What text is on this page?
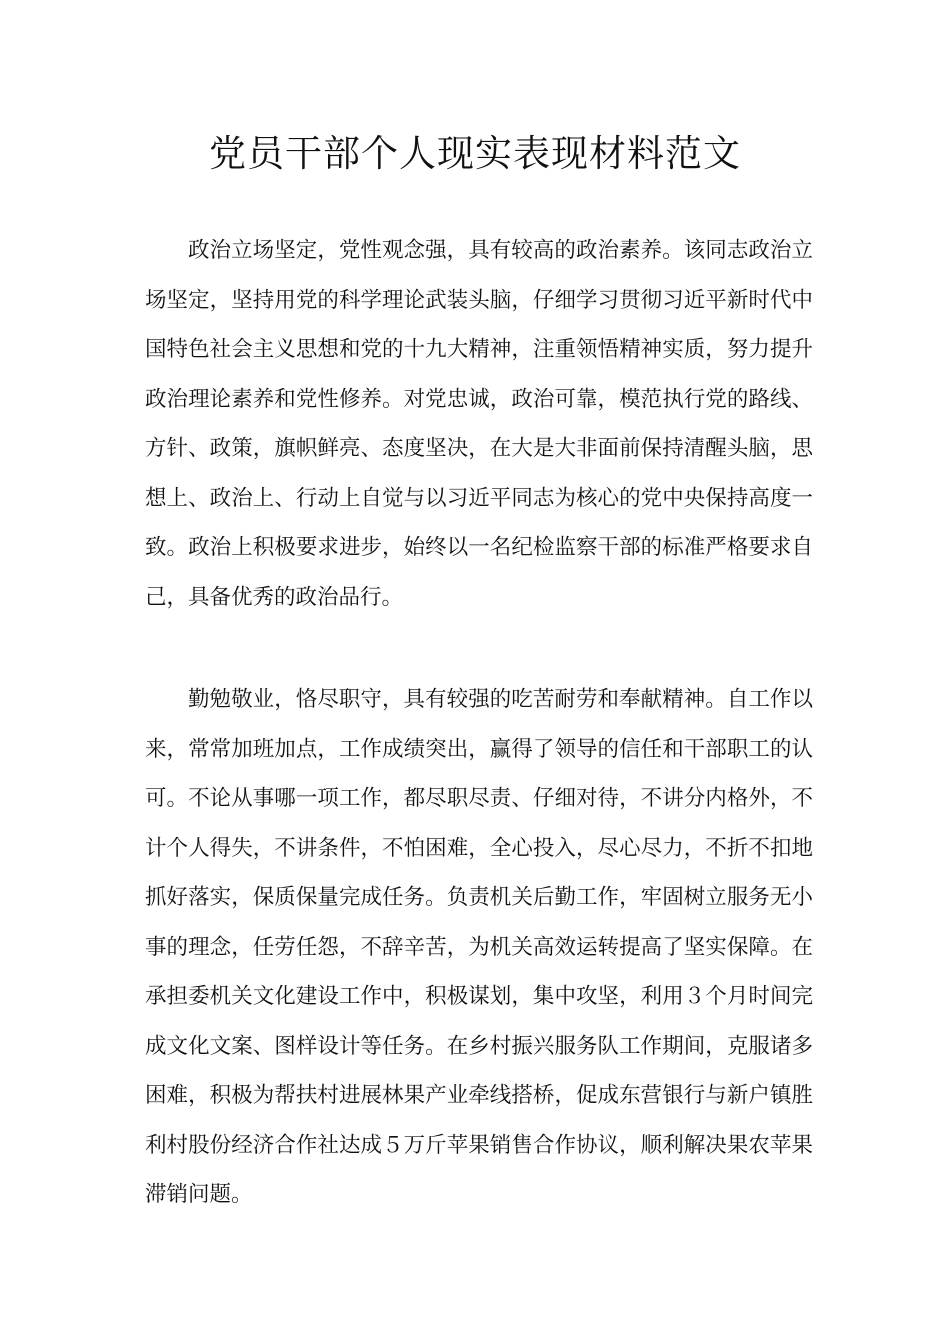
党员干部个人现实表现材料范文

政治立场坚定，党性观念强，具有较高的政治素养。该同志政治立场坚定，坚持用党的科学理论武装头脑，仔细学习贯彻习近平新时代中国特色社会主义思想和党的十九大精神，注重领悟精神实质，努力提升政治理论素养和党性修养。对党忠诚，政治可靠，模范执行党的路线、方针、政策，旗帜鲜亮、态度坚决，在大是大非面前保持清醒头脑，思想上、政治上、行动上自觉与以习近平同志为核心的党中央保持高度一致。政治上积极要求进步，始终以一名纪检监察干部的标准严格要求自己，具备优秀的政治品行。

勤勉敬业，恪尽职守，具有较强的吃苦耐劳和奉献精神。自工作以来，常常加班加点，工作成绩突出，赢得了领导的信任和干部职工的认可。不论从事哪一项工作，都尽职尽责、仔细对待，不讲分内格外，不计个人得失，不讲条件，不怕困难，全心投入，尽心尽力，不折不扣地抓好落实，保质保量完成任务。负责机关后勤工作，牢固树立服务无小事的理念，任劳任怨，不辞辛苦，为机关高效运转提高了坚实保障。在承担委机关文化建设工作中，积极谋划，集中攻坚，利用３个月时间完成文化文案、图样设计等任务。在乡村振兴服务队工作期间，克服诸多困难，积极为帮扶村进展林果产业牵线搭桥，促成东营银行与新户镇胜利村股份经济合作社达成５万斤苹果销售合作协议，顺利解决果农苹果滞销问题。
